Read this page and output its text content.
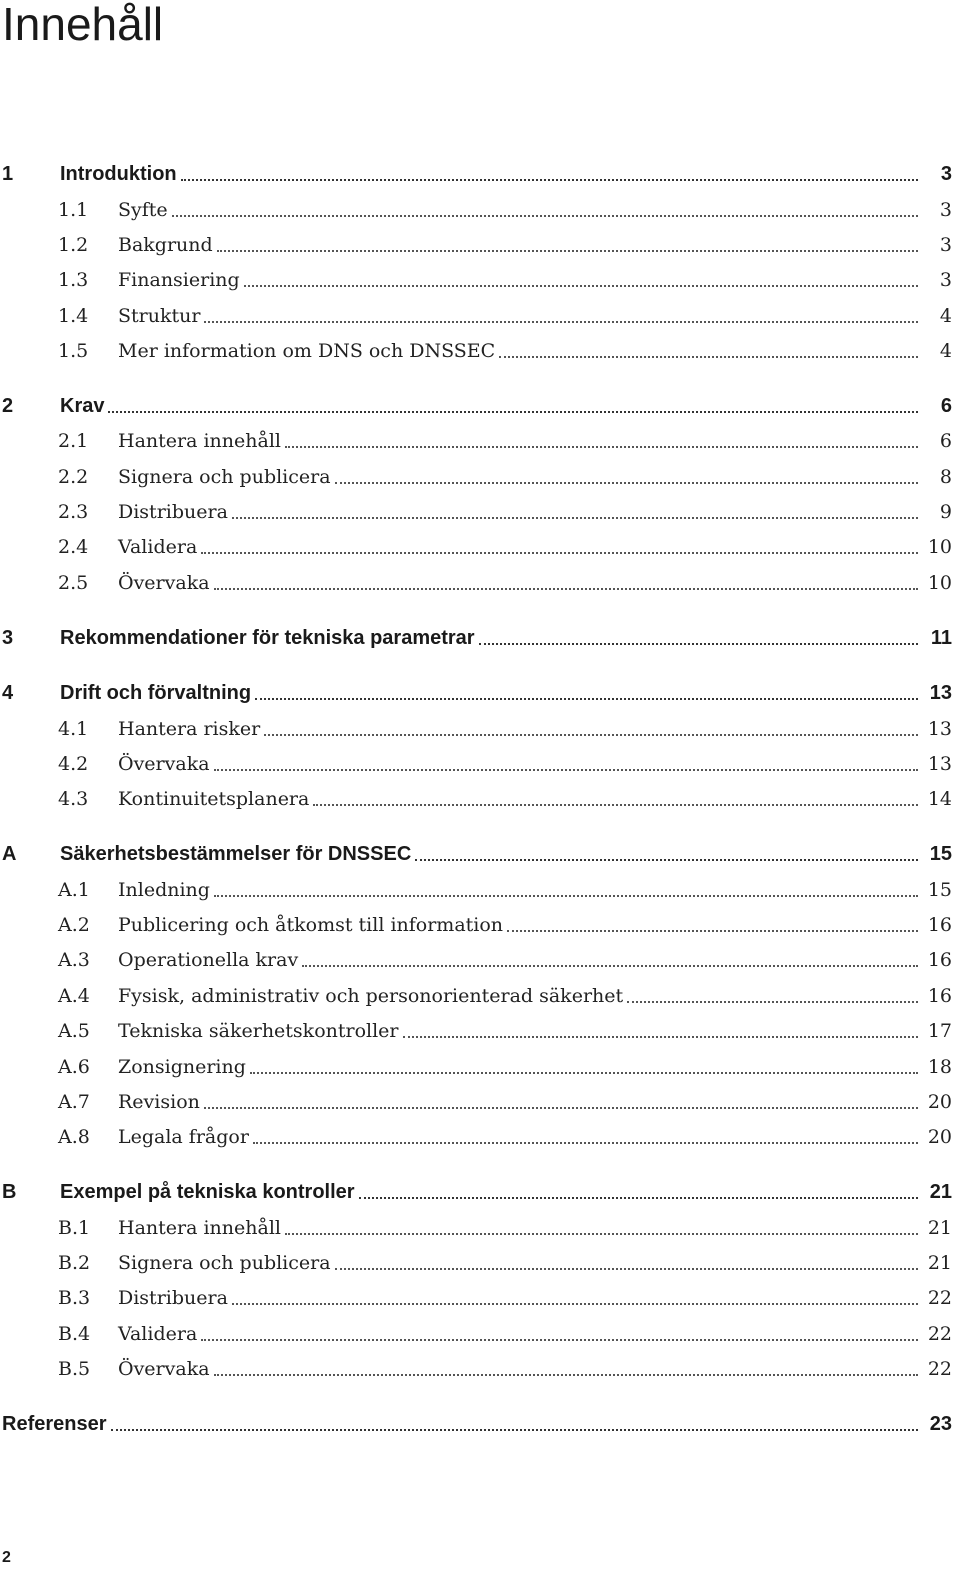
Innehåll
1	Introduktion	3
1.1	Syfte	3
1.2	Bakgrund	3
1.3	Finansiering	3
1.4	Struktur	4
1.5	Mer information om DNS och DNSSEC	4
2	Krav	6
2.1	Hantera innehåll	6
2.2	Signera och publicera	8
2.3	Distribuera	9
2.4	Validera	10
2.5	Övervaka	10
3	Rekommendationer för tekniska parametrar	11
4	Drift och förvaltning	13
4.1	Hantera risker	13
4.2	Övervaka	13
4.3	Kontinuitetsplanera	14
A	Säkerhetsbestämmelser för DNSSEC	15
A.1	Inledning	15
A.2	Publicering och åtkomst till information	16
A.3	Operationella krav	16
A.4	Fysisk, administrativ och personorienterad säkerhet	16
A.5	Tekniska säkerhetskontroller	17
A.6	Zonsignering	18
A.7	Revision	20
A.8	Legala frågor	20
B	Exempel på tekniska kontroller	21
B.1	Hantera innehåll	21
B.2	Signera och publicera	21
B.3	Distribuera	22
B.4	Validera	22
B.5	Övervaka	22
Referenser	23
2
